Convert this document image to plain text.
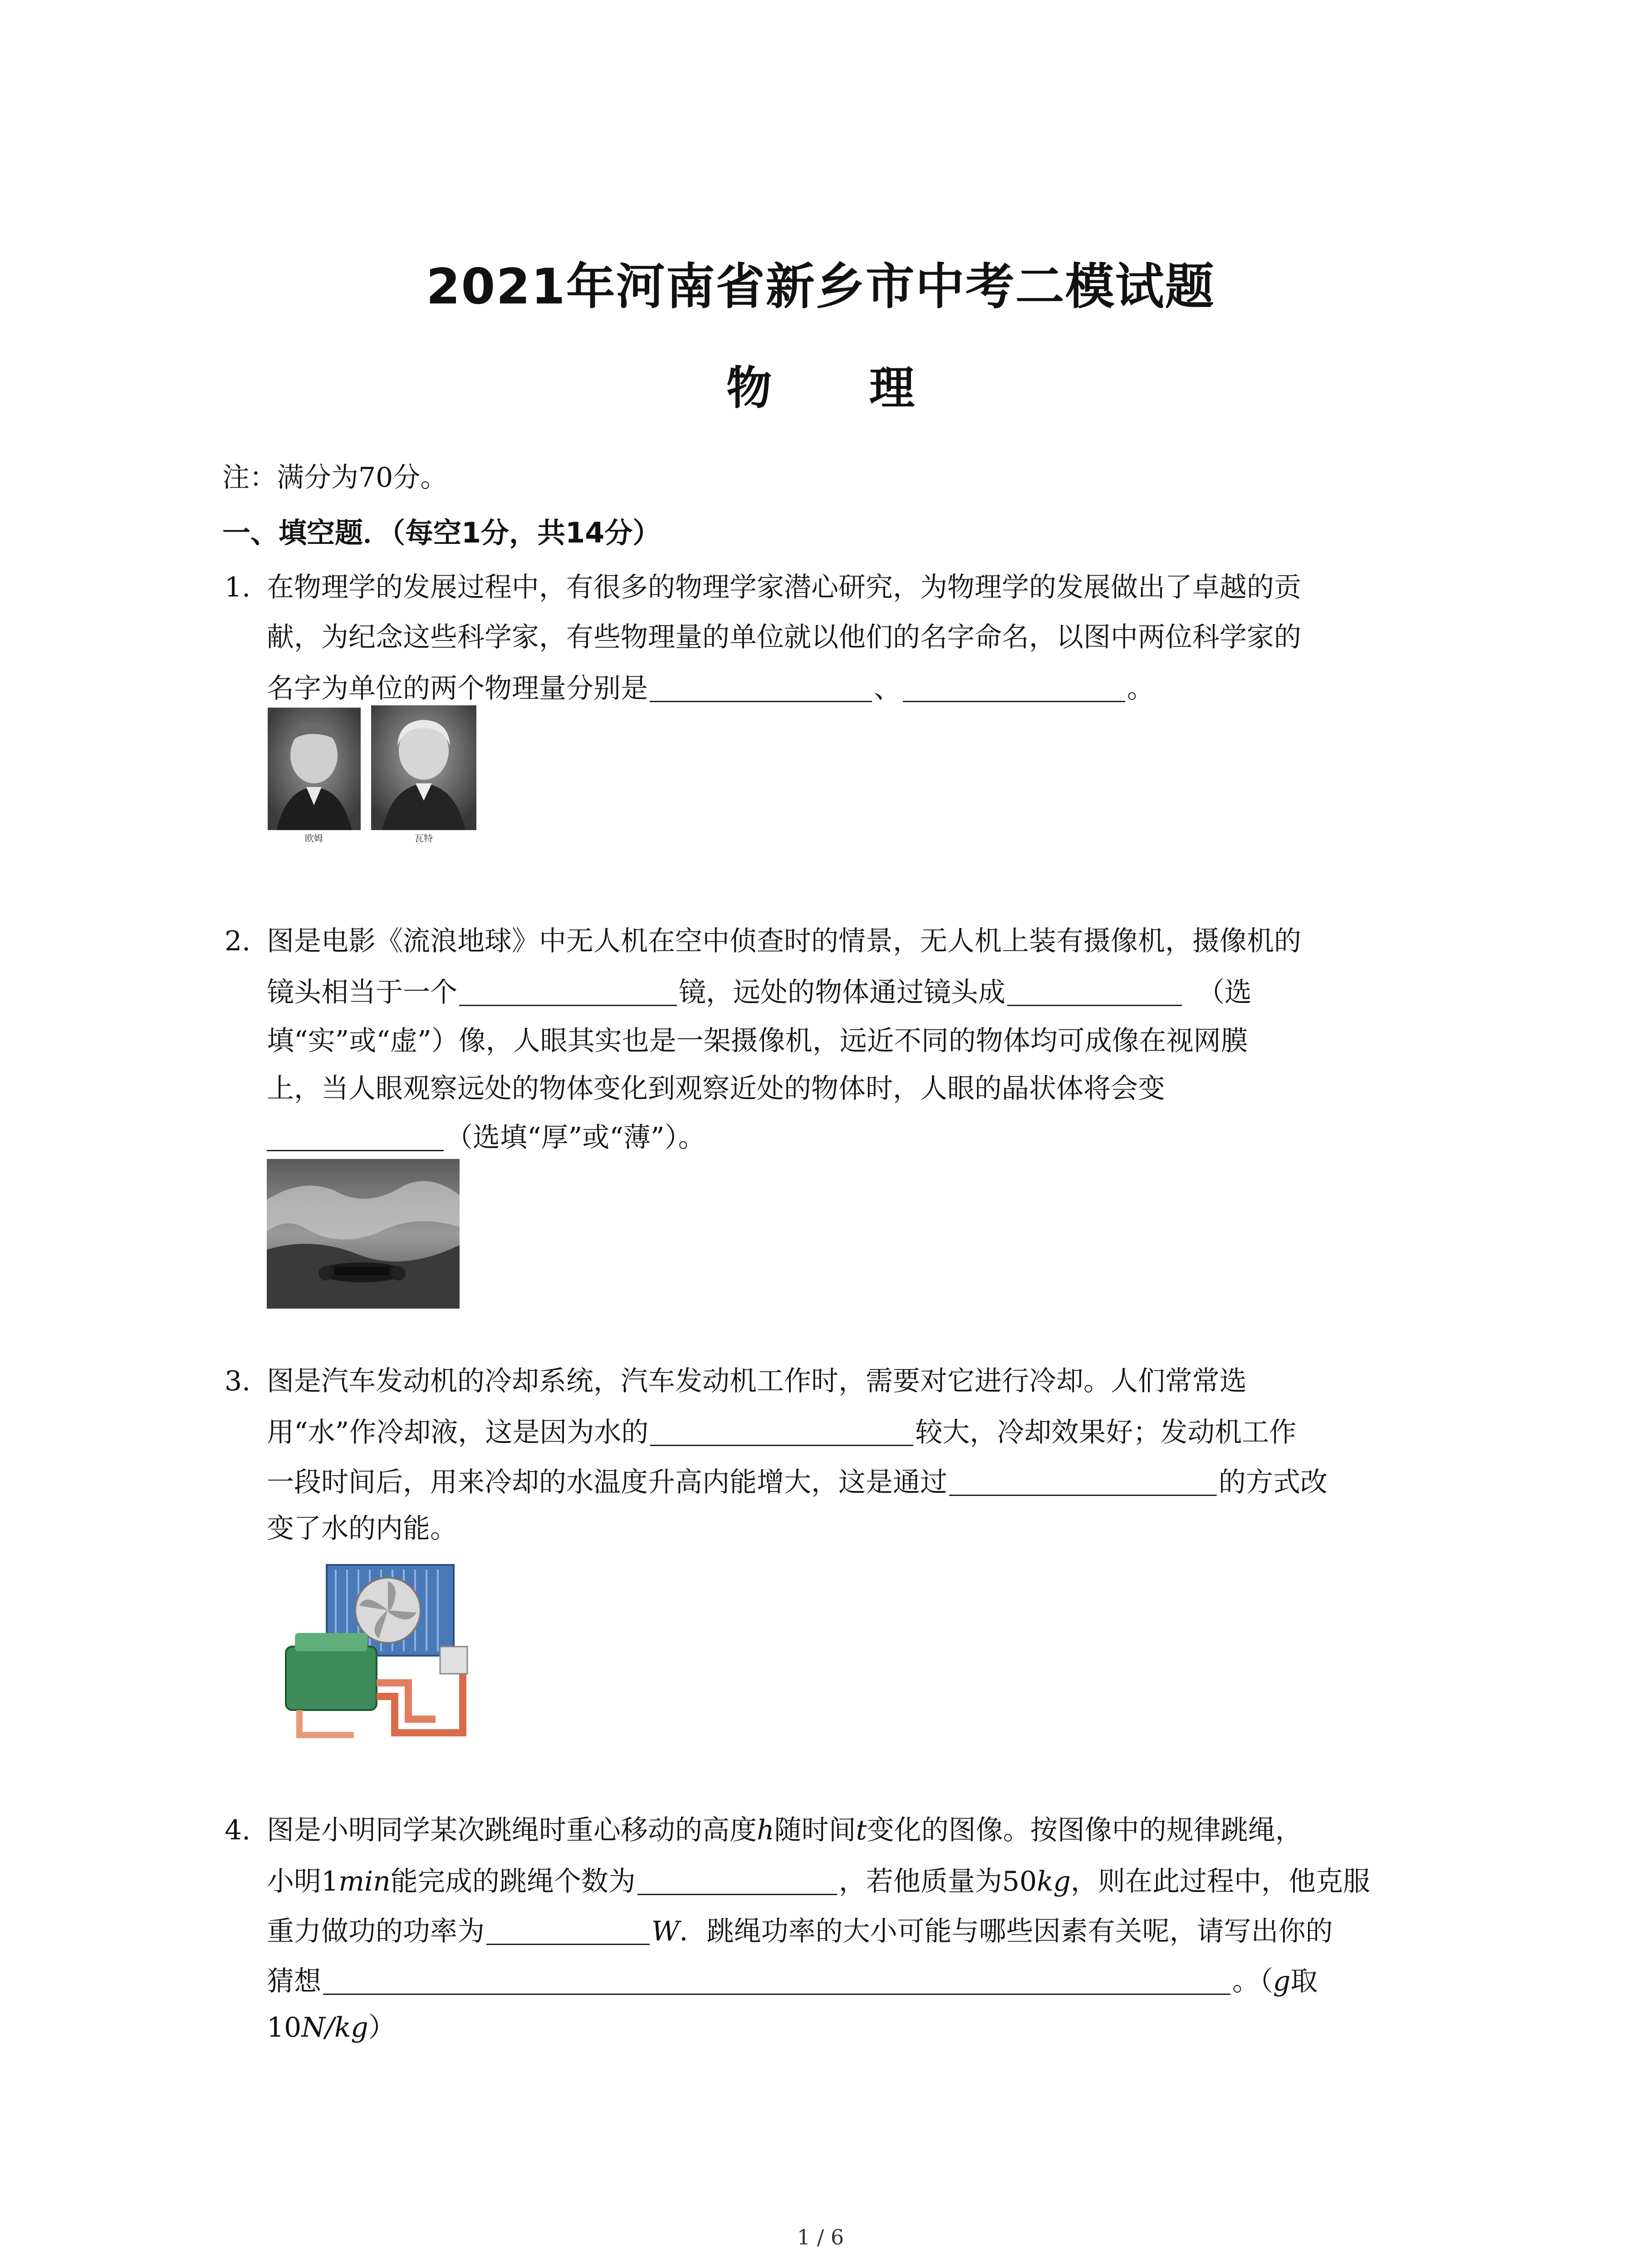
2021年河南省新乡市中考二模试题
物 理
注：满分为70分。
一、填空题．（每空1分，共14分）
1. 在物理学的发展过程中，有很多的物理学家潜心研究，为物理学的发展做出了卓越的贡
献，为纪念这些科学家，有些物理量的单位就以他们的名字命名，以图中两位科学家的
名字为单位的两个物理量分别是	、	。
欧姆	瓦特
2. 图是电影《流浪地球》中无人机在空中侦查时的情景，无人机上装有摄像机，摄像机的
镜头相当于一个	镜，远处的物体通过镜头成	（选
填“实”或“虚”）像，人眼其实也是一架摄像机，远近不同的物体均可成像在视网膜
上，当人眼观察远处的物体变化到观察近处的物体时，人眼的晶状体将会变
（选填“厚”或“薄”）。
3. 图是汽车发动机的冷却系统，汽车发动机工作时，需要对它进行冷却。人们常常选
用“水”作冷却液，这是因为水的	较大，冷却效果好；发动机工作
一段时间后，用来冷却的水温度升高内能增大，这是通过	的方式改
变了水的内能。
4. 图是小明同学某次跳绳时重心移动的高度h随时间t变化的图像。按图像中的规律跳绳，
小明1min能完成的跳绳个数为	，若他质量为50kg，则在此过程中，他克服
重力做功的功率为	W．跳绳功率的大小可能与哪些因素有关呢，请写出你的
猜想	。（g取
10N/kg）
1 / 6
